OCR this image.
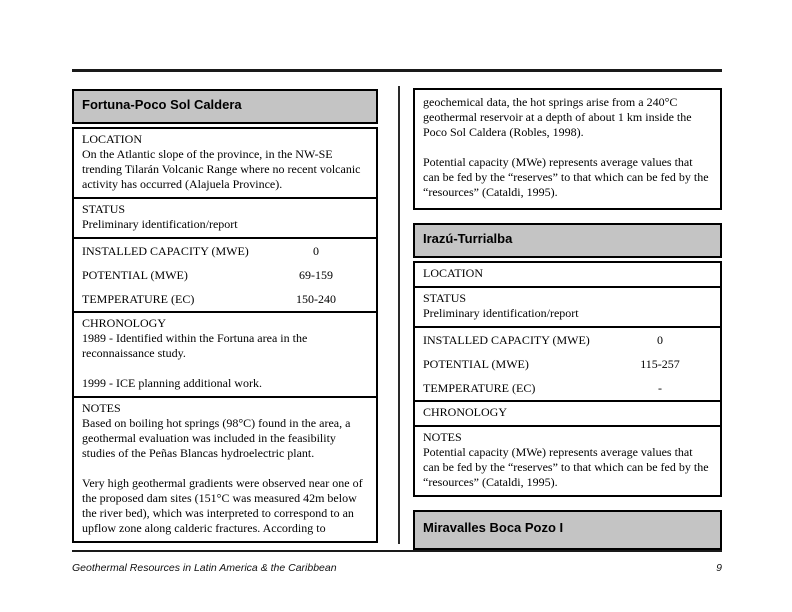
Fortuna-Poco Sol Caldera
LOCATION
On the Atlantic slope of the province, in the NW-SE trending Tilarán Volcanic Range where no recent volcanic activity has occurred (Alajuela Province).
STATUS
Preliminary identification/report
INSTALLED CAPACITY (MWE)	0
POTENTIAL (MWE)	69-159
TEMPERATURE (EC)	150-240
CHRONOLOGY

1989 - Identified within the Fortuna area in the reconnaissance study.

1999 - ICE planning additional work.

NOTES

Based on boiling hot springs (98°C) found in the area, a geothermal evaluation was included in the feasibility studies of the Peñas Blancas hydroelectric plant.

Very high geothermal gradients were observed near one of the proposed dam sites (151°C was measured 42m below the river bed), which was interpreted to correspond to an upflow zone along calderic fractures. According to

geochemical data, the hot springs arise from a 240°C geothermal reservoir at a depth of about 1 km inside the Poco Sol Caldera (Robles, 1998).

Potential capacity (MWe) represents average values that can be fed by the “reserves” to that which can be fed by the “resources” (Cataldi, 1995).

Irazú-Turrialba
LOCATION
STATUS
Preliminary identification/report
INSTALLED CAPACITY (MWE)	0
POTENTIAL (MWE)	115-257
TEMPERATURE (EC)	-
CHRONOLOGY
NOTES
Potential capacity (MWe) represents average values that can be fed by the “reserves” to that which can be fed by the “resources” (Cataldi, 1995).
Miravalles Boca Pozo I
Geothermal Resources in Latin America & the Caribbean	9
